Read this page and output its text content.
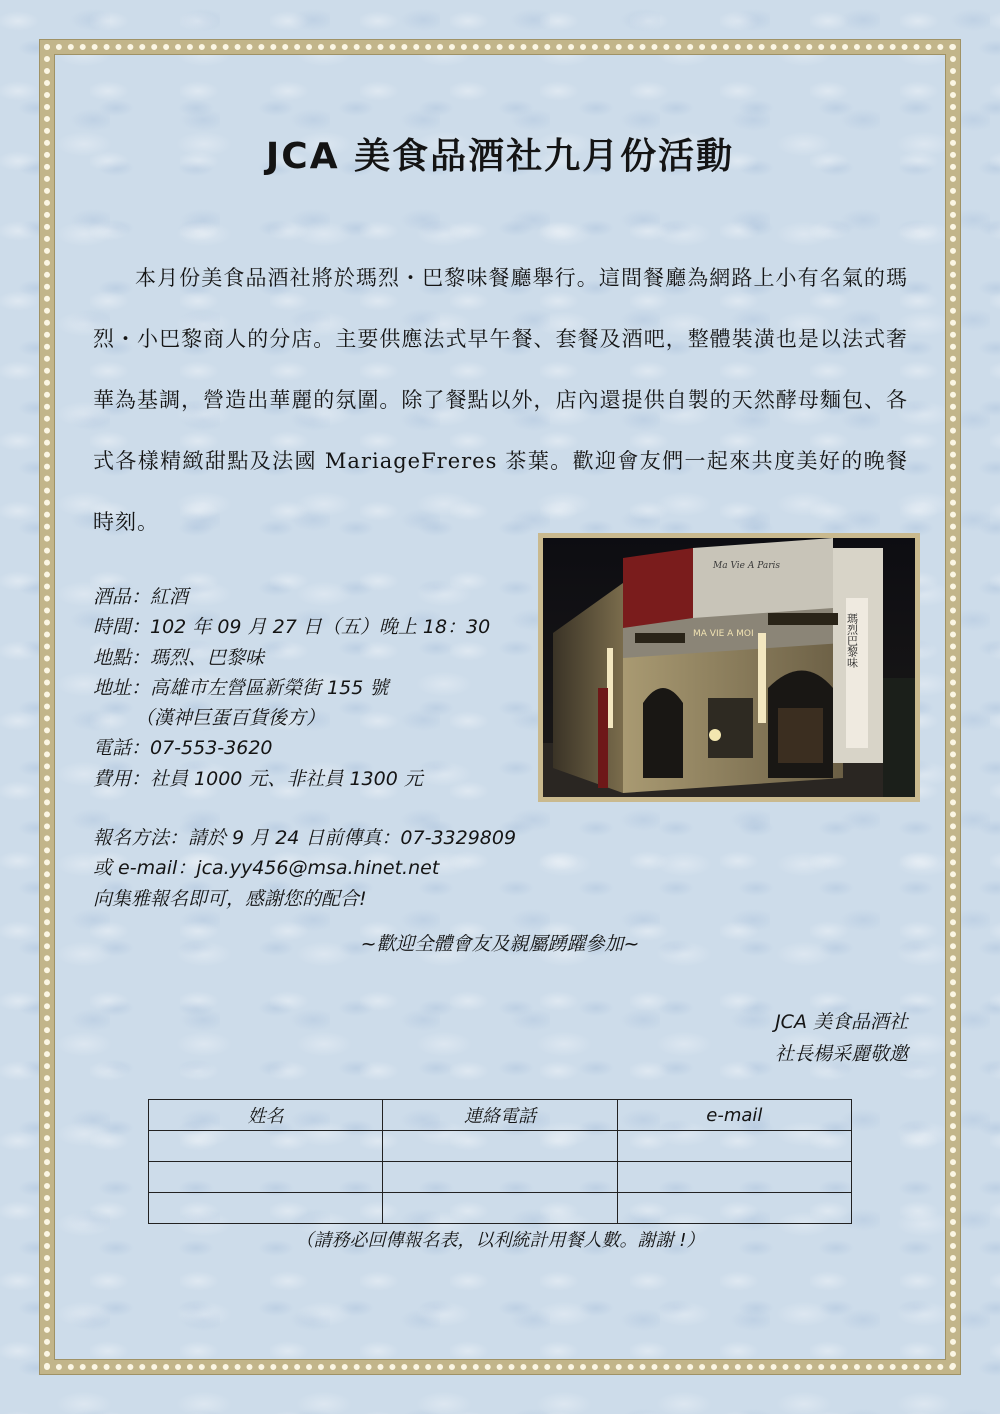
JCA 美食品酒社九月份活動

本月份美食品酒社將於瑪烈・巴黎味餐廳舉行。這間餐廳為網路上小有名氣的瑪烈・小巴黎商人的分店。主要供應法式早午餐、套餐及酒吧，整體裝潢也是以法式奢華為基調，營造出華麗的氛圍。除了餐點以外，店內還提供自製的天然酵母麵包、各式各樣精緻甜點及法國 MariageFreres 茶葉。歡迎會友們一起來共度美好的晚餐時刻。

MA VIE A MOI
Ma Vie A Paris
瑪烈巴黎味
酒品：紅酒
時間：102 年 09 月 27 日（五）晚上 18：30
地點：瑪烈、巴黎味
地址：高雄市左營區新榮街 155 號
（漢神巨蛋百貨後方）
電話：07-553-3620
費用：社員 1000 元、非社員 1300 元
報名方法：請於 9 月 24 日前傳真：07-3329809
或 e-mail：jca.yy456@msa.hinet.net
向集雅報名即可，感謝您的配合!
~歡迎全體會友及親屬踴躍參加~
JCA 美食品酒社
社長楊采麗敬邀
姓名	連絡電話	e-mail

（請務必回傳報名表，以利統計用餐人數。謝謝 !）
